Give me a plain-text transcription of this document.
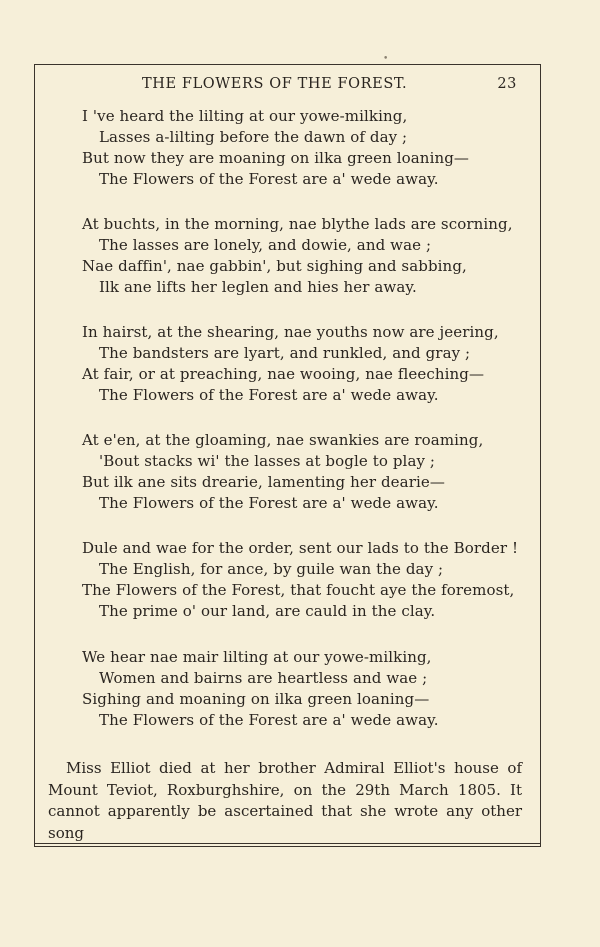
•
THE FLOWERS OF THE FOREST.	23
I 've heard the lilting at our yowe-milking,
Lasses a-lilting before the dawn of day ;
But now they are moaning on ilka green loaning—
The Flowers of the Forest are a' wede away.
At buchts, in the morning, nae blythe lads are scorning,
The lasses are lonely, and dowie, and wae ;
Nae daffin', nae gabbin', but sighing and sabbing,
Ilk ane lifts her leglen and hies her away.
In hairst, at the shearing, nae youths now are jeering,
The bandsters are lyart, and runkled, and gray ;
At fair, or at preaching, nae wooing, nae fleeching—
The Flowers of the Forest are a' wede away.
At e'en, at the gloaming, nae swankies are roaming,
'Bout stacks wi' the lasses at bogle to play ;
But ilk ane sits drearie, lamenting her dearie—
The Flowers of the Forest are a' wede away.
Dule and wae for the order, sent our lads to the Border !
The English, for ance, by guile wan the day ;
The Flowers of the Forest, that foucht aye the foremost,
The prime o' our land, are cauld in the clay.
We hear nae mair lilting at our yowe-milking,
Women and bairns are heartless and wae ;
Sighing and moaning on ilka green loaning—
The Flowers of the Forest are a' wede away.

Miss Elliot died at her brother Admiral Elliot's house of Mount Teviot, Roxburghshire, on the 29th March 1805. It cannot apparently be ascertained that she wrote any other song
